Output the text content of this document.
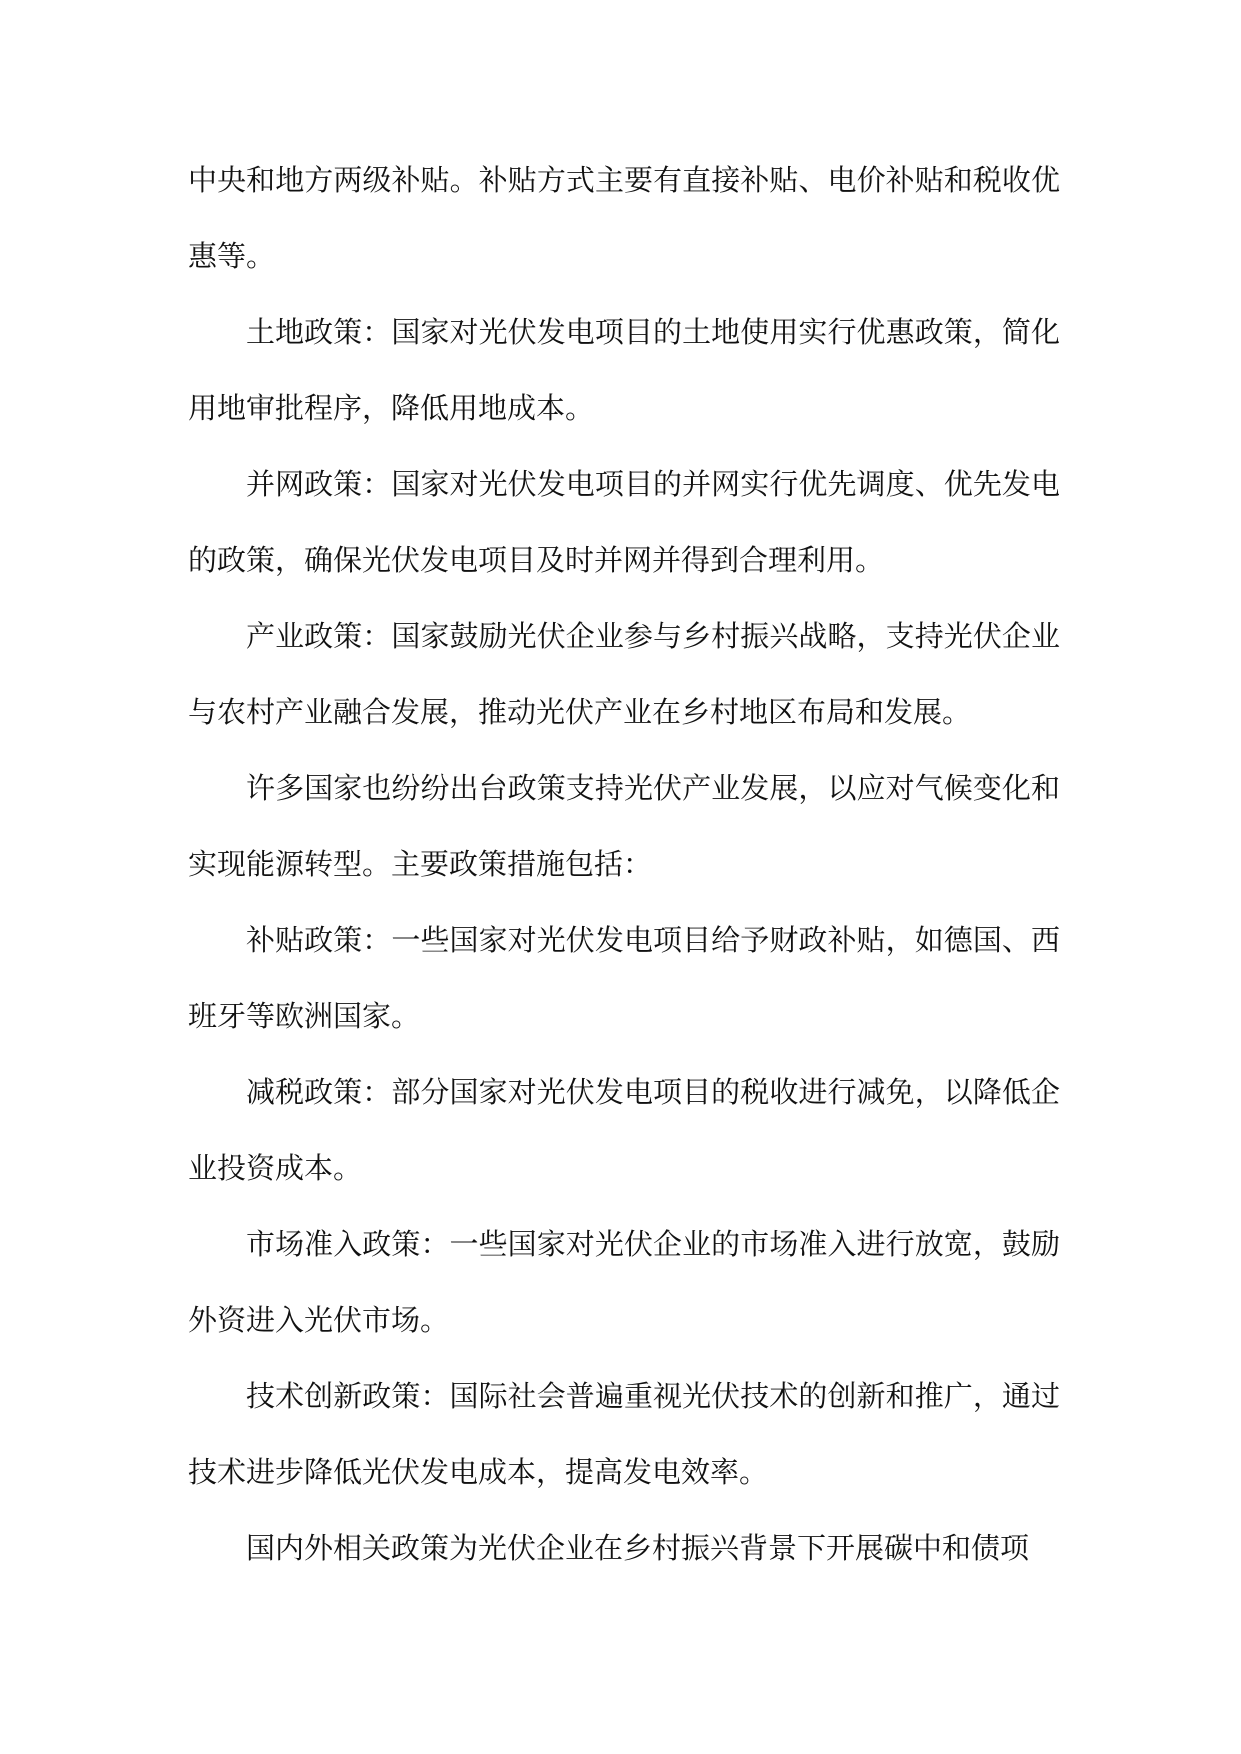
中央和地方两级补贴。补贴方式主要有直接补贴、电价补贴和税收优惠等。

土地政策：国家对光伏发电项目的土地使用实行优惠政策，简化用地审批程序，降低用地成本。

并网政策：国家对光伏发电项目的并网实行优先调度、优先发电的政策，确保光伏发电项目及时并网并得到合理利用。

产业政策：国家鼓励光伏企业参与乡村振兴战略，支持光伏企业与农村产业融合发展，推动光伏产业在乡村地区布局和发展。

许多国家也纷纷出台政策支持光伏产业发展，以应对气候变化和实现能源转型。主要政策措施包括：

补贴政策：一些国家对光伏发电项目给予财政补贴，如德国、西班牙等欧洲国家。

减税政策：部分国家对光伏发电项目的税收进行减免，以降低企业投资成本。

市场准入政策：一些国家对光伏企业的市场准入进行放宽，鼓励外资进入光伏市场。

技术创新政策：国际社会普遍重视光伏技术的创新和推广，通过技术进步降低光伏发电成本，提高发电效率。

国内外相关政策为光伏企业在乡村振兴背景下开展碳中和债项
